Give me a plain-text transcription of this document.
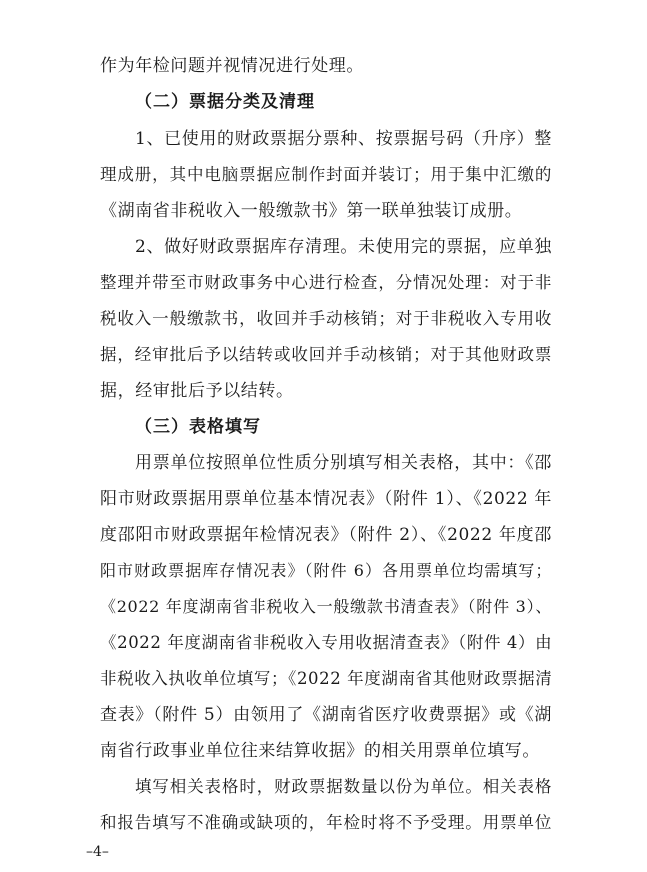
作为年检问题并视情况进行处理。
（二）票据分类及清理
1、已使用的财政票据分票种、按票据号码（升序）整
理成册，其中电脑票据应制作封面并装订；用于集中汇缴的
《湖南省非税收入一般缴款书》第一联单独装订成册。
2、做好财政票据库存清理。未使用完的票据，应单独
整理并带至市财政事务中心进行检查，分情况处理：对于非
税收入一般缴款书，收回并手动核销；对于非税收入专用收
据，经审批后予以结转或收回并手动核销；对于其他财政票
据，经审批后予以结转。
（三）表格填写
用票单位按照单位性质分别填写相关表格，其中：《邵
阳市财政票据用票单位基本情况表》（附件 1）、《2022 年
度邵阳市财政票据年检情况表》（附件 2）、《2022 年度邵
阳市财政票据库存情况表》（附件 6）各用票单位均需填写；
《2022 年度湖南省非税收入一般缴款书清查表》（附件 3）、
《2022 年度湖南省非税收入专用收据清查表》（附件 4）由
非税收入执收单位填写；《2022 年度湖南省其他财政票据清
查表》（附件 5）由领用了《湖南省医疗收费票据》或《湖
南省行政事业单位往来结算收据》的相关用票单位填写。
填写相关表格时，财政票据数量以份为单位。相关表格
和报告填写不准确或缺项的，年检时将不予受理。用票单位
–4–
